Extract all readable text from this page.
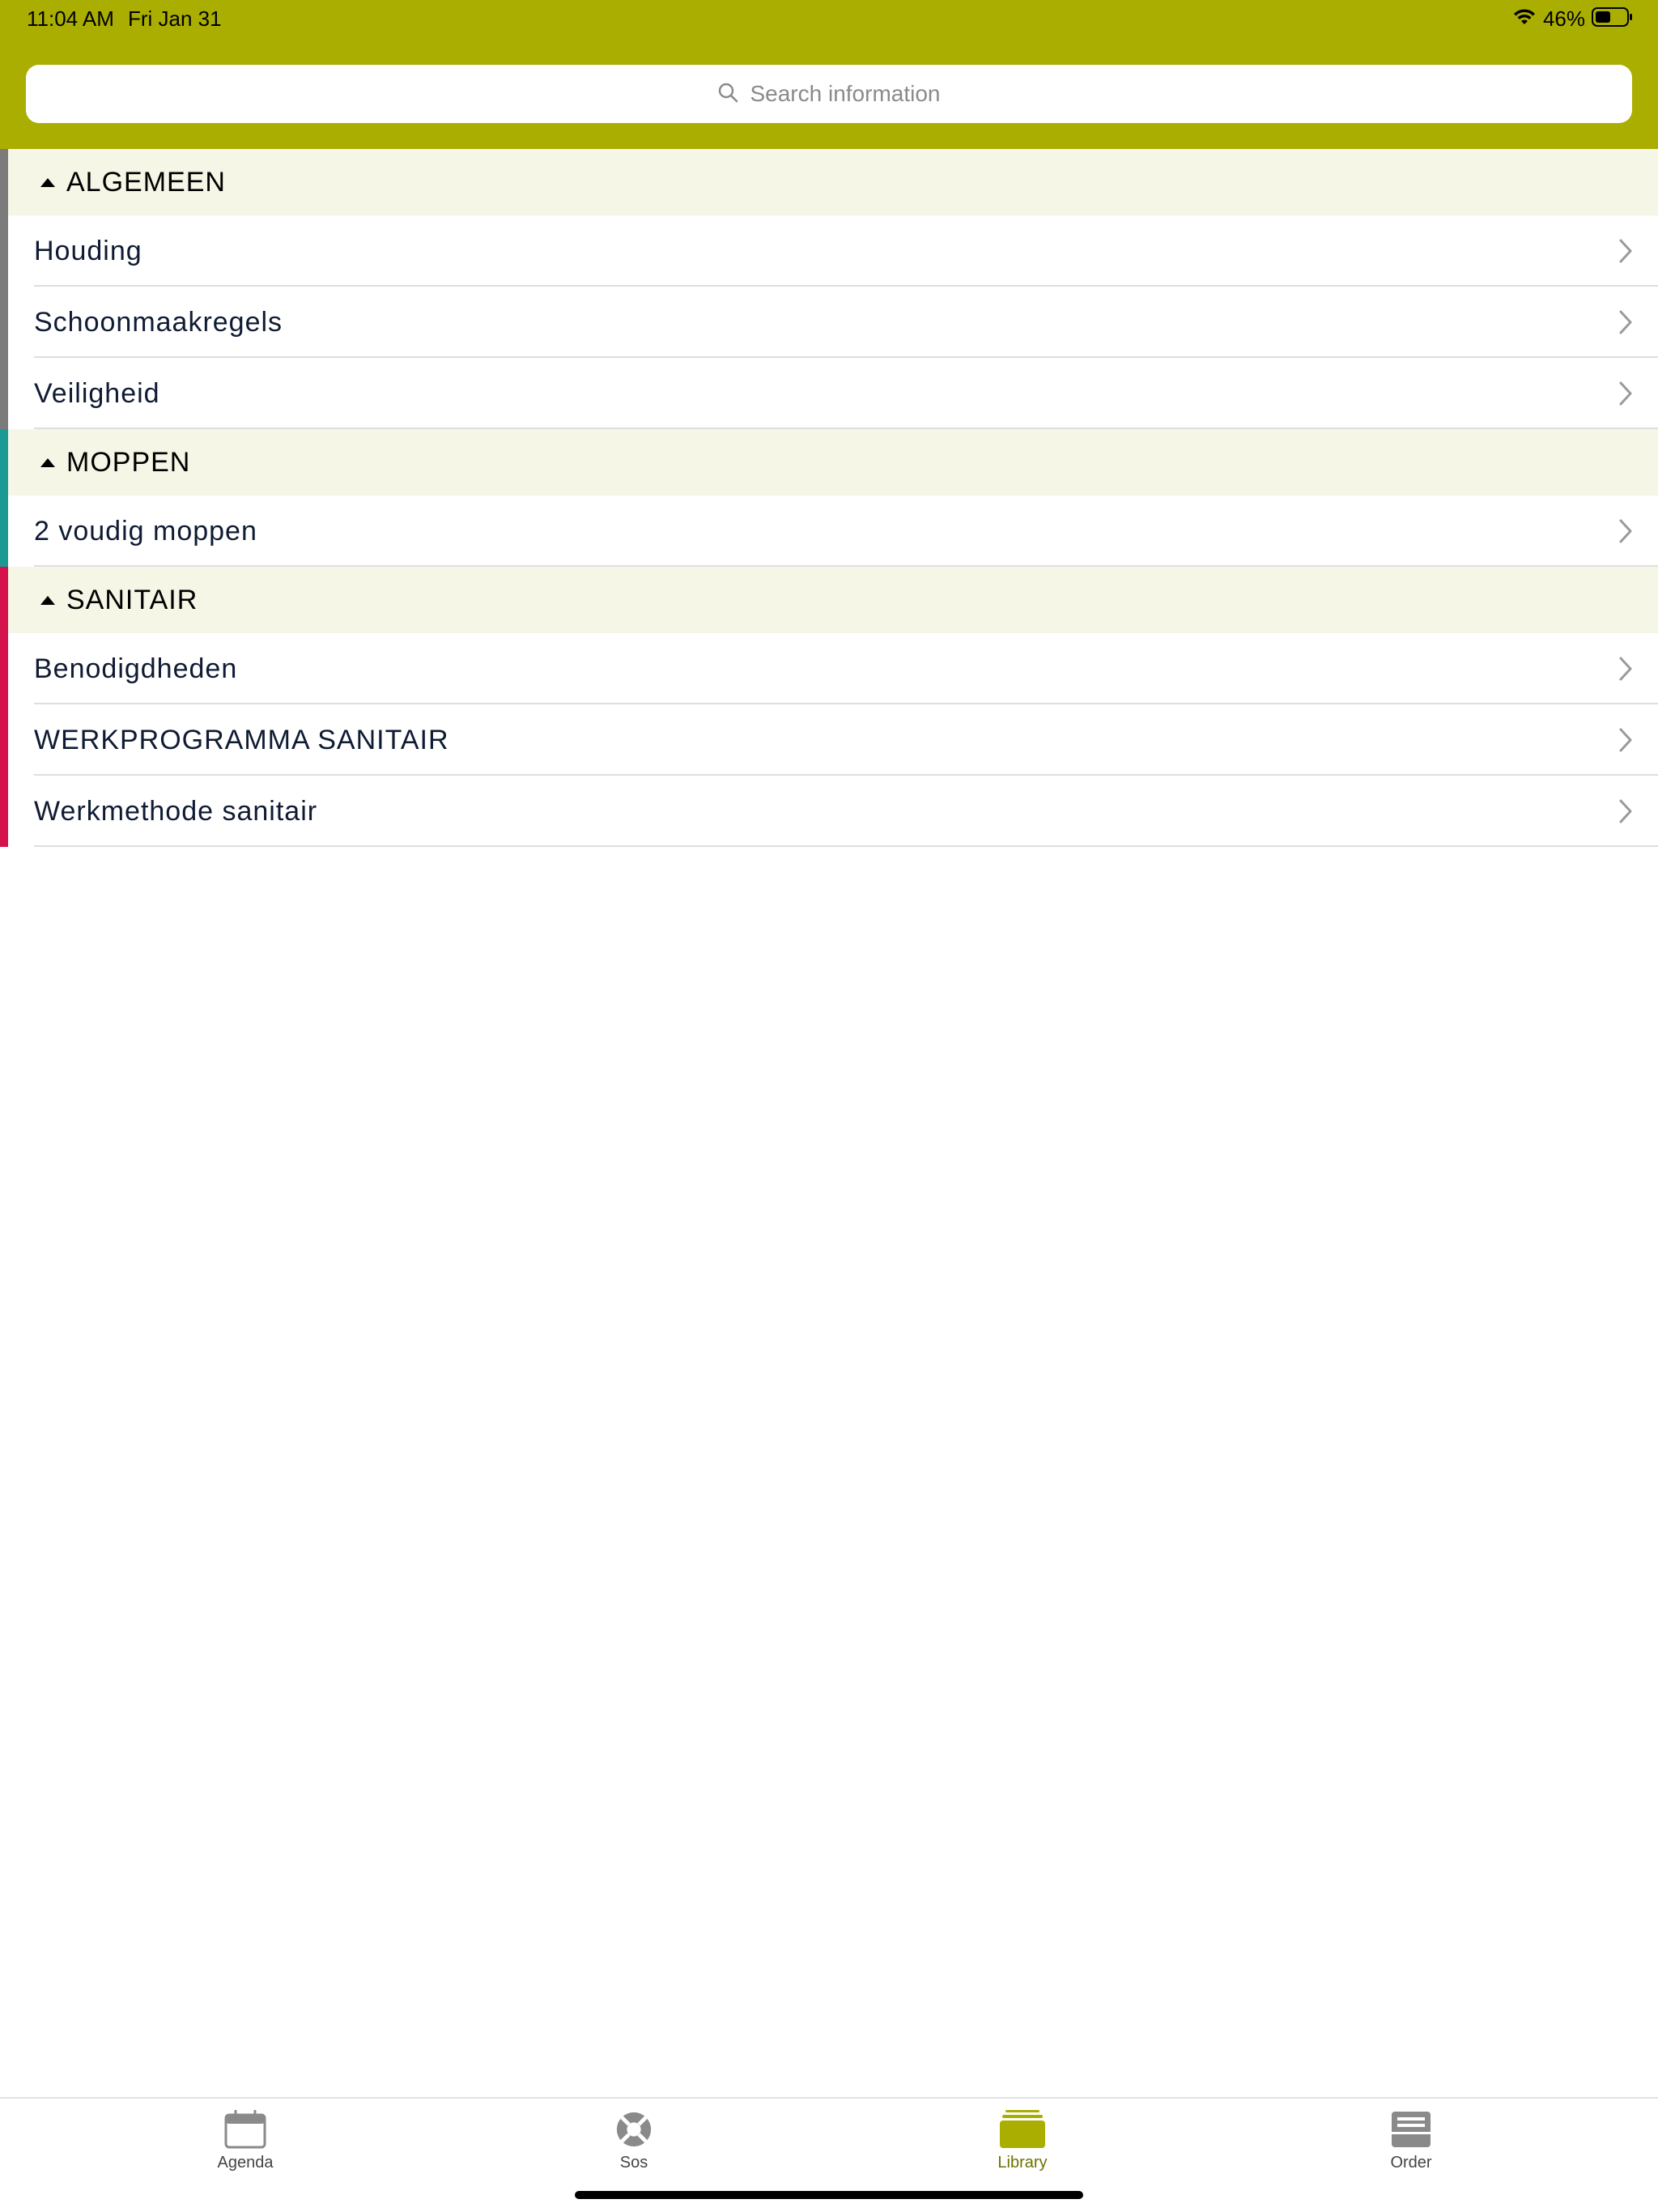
11:04 AM Fri Jan 31	46%
Search information
ALGEMEEN
Houding
Schoonmaakregels
Veiligheid
MOPPEN
2 voudig moppen
SANITAIR
Benodigdheden
WERKPROGRAMMA SANITAIR
Werkmethode sanitair
Agenda	Sos	Library	Order
